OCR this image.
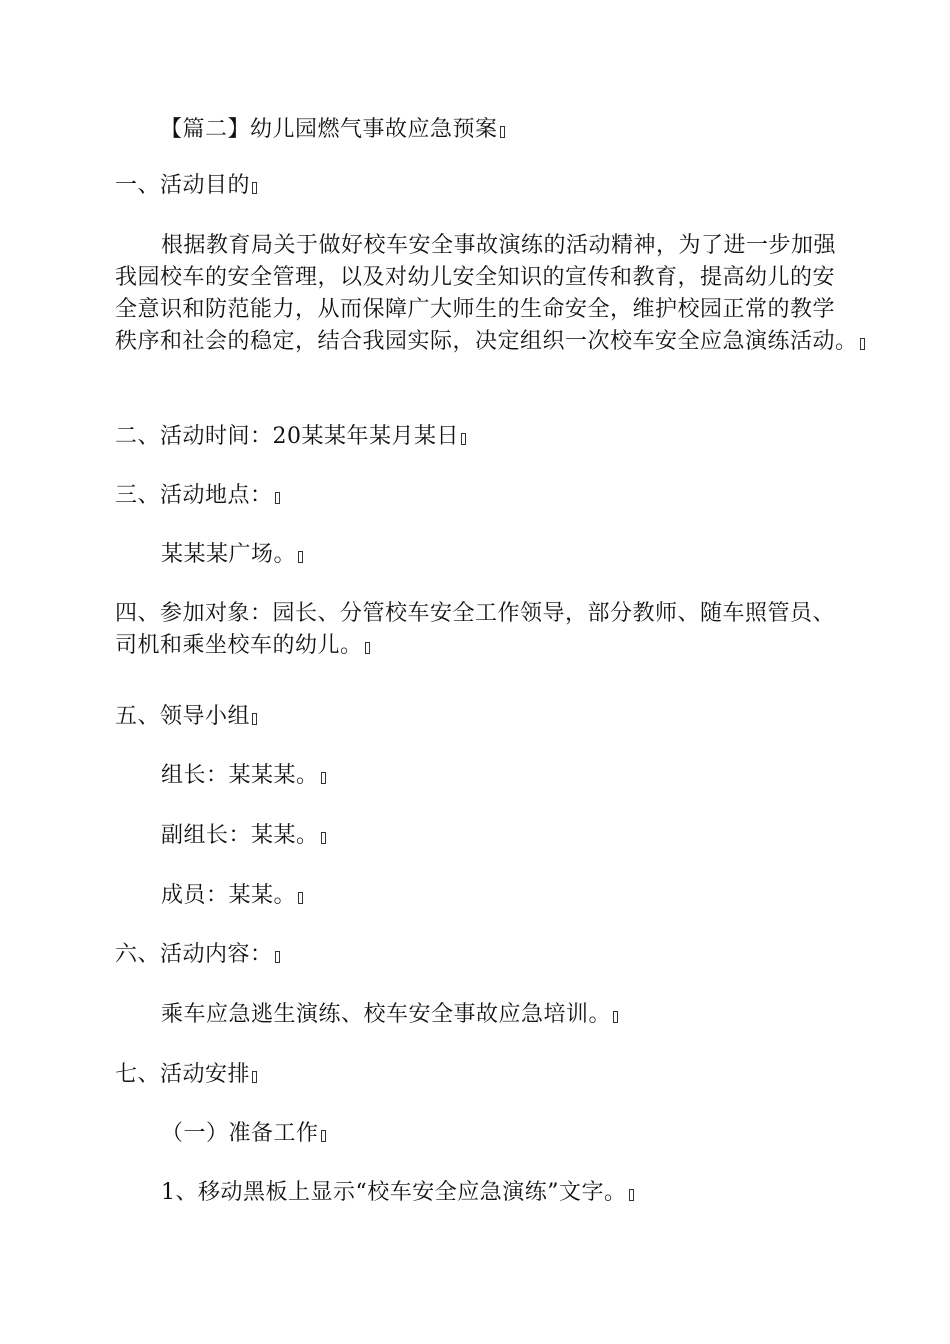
【篇二】幼儿园燃气事故应急预案
一、活动目的
根据教育局关于做好校车安全事故演练的活动精神，为了进一步加强
我园校车的安全管理，以及对幼儿安全知识的宣传和教育，提高幼儿的安
全意识和防范能力，从而保障广大师生的生命安全，维护校园正常的教学
秩序和社会的稳定，结合我园实际，决定组织一次校车安全应急演练活动。
二、活动时间：20某某年某月某日
三、活动地点：
某某某广场。
四、参加对象：园长、分管校车安全工作领导，部分教师、随车照管员、
司机和乘坐校车的幼儿。
五、领导小组
组长：某某某。
副组长：某某。
成员：某某。
六、活动内容：
乘车应急逃生演练、校车安全事故应急培训。
七、活动安排
（一）准备工作
1、移动黑板上显示“校车安全应急演练”文字。
